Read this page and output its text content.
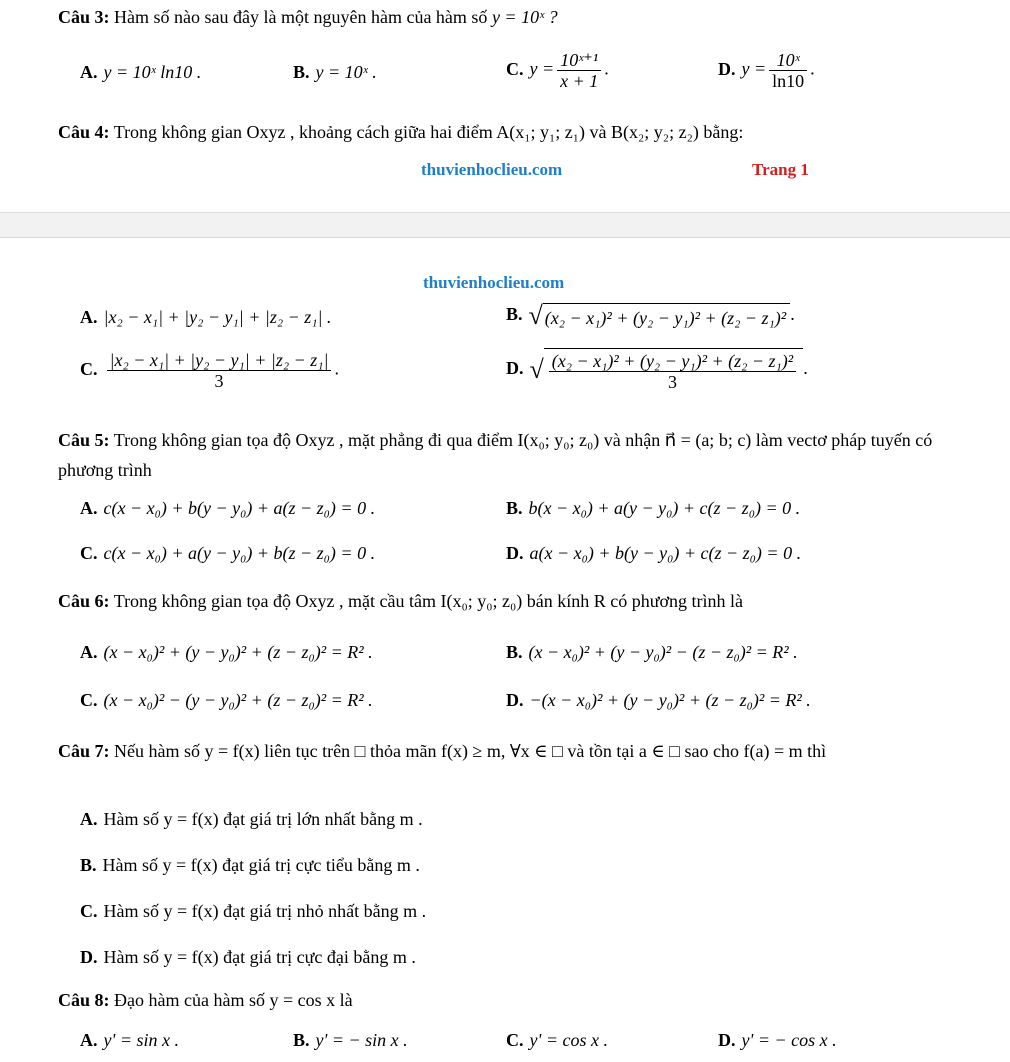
Câu 3: Hàm số nào sau đây là một nguyên hàm của hàm số y = 10ˣ ?
A. y = 10ˣ ln10 .	B. y = 10ˣ .	C. $y = \frac{\text{10ˣ⁺¹}}{x + 1}$ .	D. $y = \frac{\text{10ˣ}}{\ln 10}$ .
Câu 4: Trong không gian Oxyz , khoảng cách giữa hai điểm A(x₁; y₁; z₁) và B(x₂; y₂; z₂) bằng:
thuvienhoclieu.com	Trang 1
thuvienhoclieu.com
A. |x₂ − x₁| + |y₂ − y₁| + |z₂ − z₁| .	B. √ (x₂ − x₁)² + (y₂ − y₁)² + (z₂ − z₁)² .
C. $\frac{\text{|x₂ − x₁| + |y₂ − y₁| + |z₂ − z₁|}}{3}$ .	D. √ $\frac{\text{(x₂ − x₁)² + (y₂ − y₁)² + (z₂ − z₁)²}}{3}$ .
Câu 5: Trong không gian tọa độ Oxyz , mặt phẳng đi qua điểm I(x₀; y₀; z₀) và nhận n⃗ = (a; b; c) làm vectơ pháp tuyến có phương trình
A. c(x − x₀) + b(y − y₀) + a(z − z₀) = 0 .	B. b(x − x₀) + a(y − y₀) + c(z − z₀) = 0 .
C. c(x − x₀) + a(y − y₀) + b(z − z₀) = 0 .	D. a(x − x₀) + b(y − y₀) + c(z − z₀) = 0 .
Câu 6: Trong không gian tọa độ Oxyz , mặt cầu tâm I(x₀; y₀; z₀) bán kính R có phương trình là
A. (x − x₀)² + (y − y₀)² + (z − z₀)² = R² .	B. (x − x₀)² + (y − y₀)² − (z − z₀)² = R² .
C. (x − x₀)² − (y − y₀)² + (z − z₀)² = R² .	D. −(x − x₀)² + (y − y₀)² + (z − z₀)² = R² .
Câu 7: Nếu hàm số y = f(x) liên tục trên □ thỏa mãn f(x) ≥ m, ∀x ∈ □ và tồn tại a ∈ □ sao cho f(a) = m thì
A. Hàm số y = f(x) đạt giá trị lớn nhất bằng m .
B. Hàm số y = f(x) đạt giá trị cực tiểu bằng m .
C. Hàm số y = f(x) đạt giá trị nhỏ nhất bằng m .
D. Hàm số y = f(x) đạt giá trị cực đại bằng m .
Câu 8: Đạo hàm của hàm số y = cos x là
A. y' = sin x .	B. y' = − sin x .	C. y' = cos x .	D. y' = − cos x .
